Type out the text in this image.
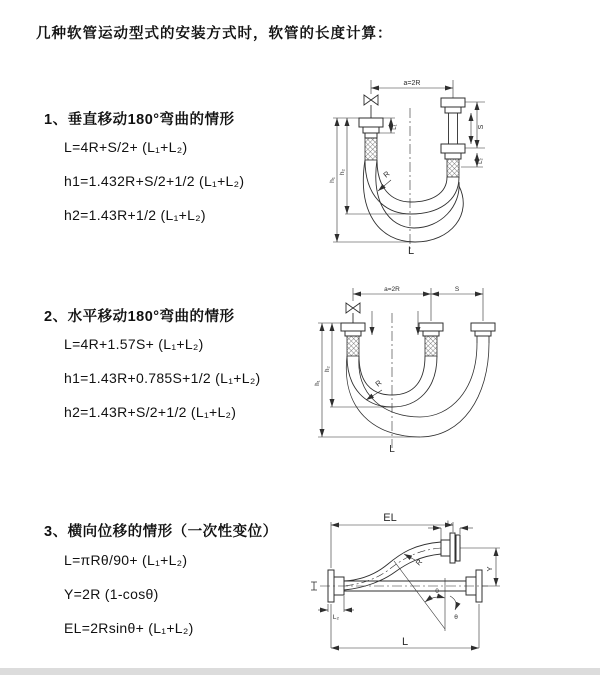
几种软管运动型式的安装方式时，软管的长度计算：
1、垂直移动180°弯曲的情形
L=4R+S/2+ (L₁+L₂)
h1=1.432R+S/2+1/2 (L₁+L₂)
h2=1.43R+1/2 (L₁+L₂)
2、水平移动180°弯曲的情形
L=4R+1.57S+ (L₁+L₂)
h1=1.43R+0.785S+1/2 (L₁+L₂)
h2=1.43R+S/2+1/2 (L₁+L₂)
3、横向位移的情形（一次性变位）
L=πRθ/90+ (L₁+L₂)
Y=2R (1-cosθ)
EL=2Rsinθ+ (L₁+L₂)
a=2R
h₁
h₂
L₁	S
L₂
R
L
a=2R	S
h₁
h₂
R
L
EL	L₁
R
θ
θ
Y
L
L₂
